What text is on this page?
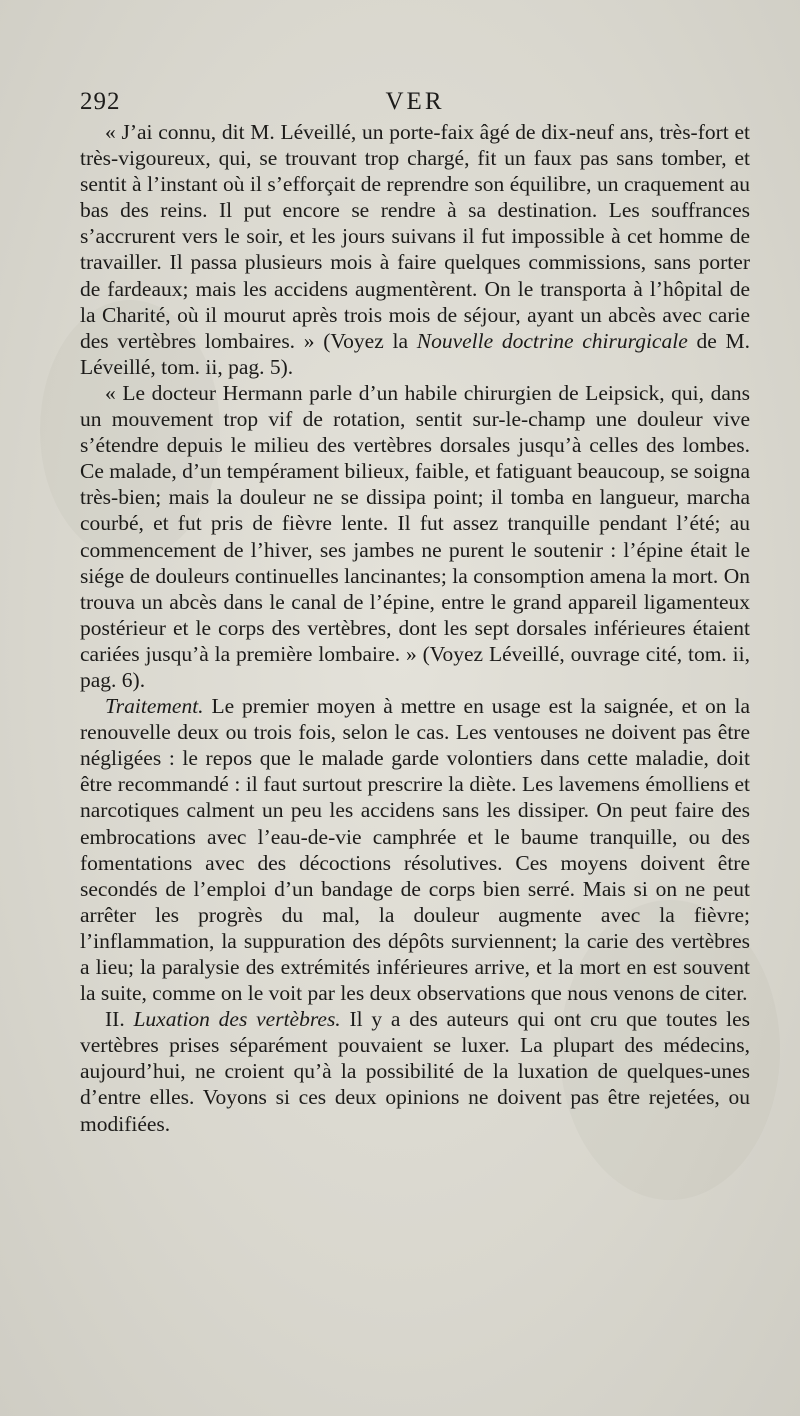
292	VER

« J’ai connu, dit M. Léveillé, un porte-faix âgé de dix-neuf ans, très-fort et très-vigoureux, qui, se trouvant trop chargé, fit un faux pas sans tomber, et sentit à l’instant où il s’efforçait de reprendre son équilibre, un craquement au bas des reins. Il put encore se rendre à sa destination. Les souffrances s’accrurent vers le soir, et les jours suivans il fut impossible à cet homme de travailler. Il passa plusieurs mois à faire quelques commissions, sans porter de fardeaux; mais les accidens augmentèrent. On le transporta à l’hôpital de la Charité, où il mourut après trois mois de séjour, ayant un abcès avec carie des vertèbres lombaires. » (Voyez la Nouvelle doctrine chirurgicale de M. Léveillé, tom. ii, pag. 5).

« Le docteur Hermann parle d’un habile chirurgien de Leipsick, qui, dans un mouvement trop vif de rotation, sentit sur-le-champ une douleur vive s’étendre depuis le milieu des vertèbres dorsales jusqu’à celles des lombes. Ce malade, d’un tempérament bilieux, faible, et fatiguant beaucoup, se soigna très-bien; mais la douleur ne se dissipa point; il tomba en langueur, marcha courbé, et fut pris de fièvre lente. Il fut assez tranquille pendant l’été; au commencement de l’hiver, ses jambes ne purent le soutenir : l’épine était le siége de douleurs continuelles lancinantes; la consomption amena la mort. On trouva un abcès dans le canal de l’épine, entre le grand appareil ligamenteux postérieur et le corps des vertèbres, dont les sept dorsales inférieures étaient cariées jusqu’à la première lombaire. » (Voyez Léveillé, ouvrage cité, tom. ii, pag. 6).

Traitement. Le premier moyen à mettre en usage est la saignée, et on la renouvelle deux ou trois fois, selon le cas. Les ventouses ne doivent pas être négligées : le repos que le malade garde volontiers dans cette maladie, doit être recommandé : il faut surtout prescrire la diète. Les lavemens émolliens et narcotiques calment un peu les accidens sans les dissiper. On peut faire des embrocations avec l’eau-de-vie camphrée et le baume tranquille, ou des fomentations avec des décoctions résolutives. Ces moyens doivent être secondés de l’emploi d’un bandage de corps bien serré. Mais si on ne peut arrêter les progrès du mal, la douleur augmente avec la fièvre; l’inflammation, la suppuration des dépôts surviennent; la carie des vertèbres a lieu; la paralysie des extrémités inférieures arrive, et la mort en est souvent la suite, comme on le voit par les deux observations que nous venons de citer.

II. Luxation des vertèbres. Il y a des auteurs qui ont cru que toutes les vertèbres prises séparément pouvaient se luxer. La plupart des médecins, aujourd’hui, ne croient qu’à la possibilité de la luxation de quelques-unes d’entre elles. Voyons si ces deux opinions ne doivent pas être rejetées, ou modifiées.
